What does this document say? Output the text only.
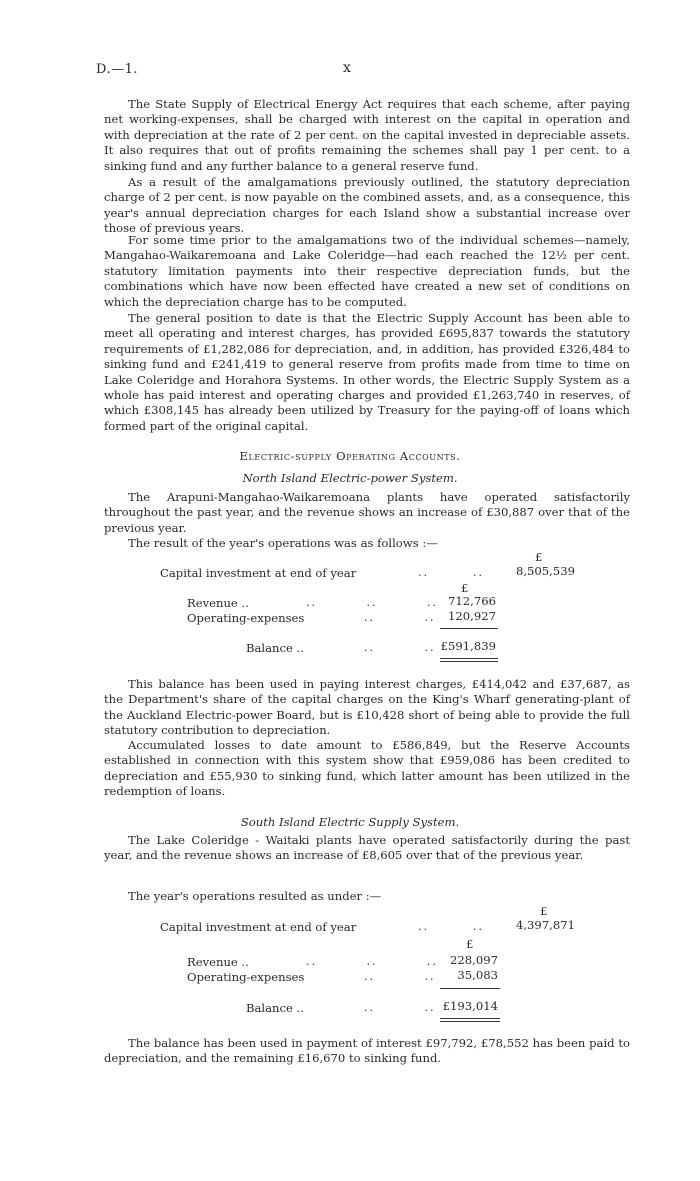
D.—1.	x

The State Supply of Electrical Energy Act requires that each scheme, after paying net working-expenses, shall be charged with interest on the capital in operation and with depreciation at the rate of 2 per cent. on the capital invested in depreciable assets. It also requires that out of profits remaining the schemes shall pay 1 per cent. to a sinking fund and any further balance to a general reserve fund.

As a result of the amalgamations previously outlined, the statutory depreciation charge of 2 per cent. is now payable on the combined assets, and, as a consequence, this year's annual depreciation charges for each Island show a substantial increase over those of previous years.

For some time prior to the amalgamations two of the individual schemes—namely, Mangahao-Waikaremoana and Lake Coleridge—had each reached the 12½ per cent. statutory limitation payments into their respective depreciation funds, but the combinations which have now been effected have created a new set of conditions on which the depreciation charge has to be computed.

The general position to date is that the Electric Supply Account has been able to meet all operating and interest charges, has provided £695,837 towards the statutory requirements of £1,282,086 for depreciation, and, in addition, has provided £326,484 to sinking fund and £241,419 to general reserve from profits made from time to time on Lake Coleridge and Horahora Systems. In other words, the Electric Supply System as a whole has paid interest and operating charges and provided £1,263,740 in reserves, of which £308,145 has already been utilized by Treasury for the paying-off of loans which formed part of the original capital.

Electric-supply Operating Accounts.

North Island Electric-power System.

The Arapuni-Mangahao-Waikaremoana plants have operated satisfactorily throughout the past year, and the revenue shows an increase of £30,887 over that of the previous year.

The result of the year's operations was as follows :—

£
Capital investment at end of year	..        ..	8,505,539
£
Revenue ..	..         ..         .. 712,766
Operating-expenses	..         ..	120,927
Balance ..	..         .. £591,839

This balance has been used in paying interest charges, £414,042 and £37,687, as the Department's share of the capital charges on the King's Wharf generating-plant of the Auckland Electric-power Board, but is £10,428 short of being able to provide the full statutory contribution to depreciation.

Accumulated losses to date amount to £586,849, but the Reserve Accounts established in connection with this system show that £959,086 has been credited to depreciation and £55,930 to sinking fund, which latter amount has been utilized in the redemption of loans.

South Island Electric Supply System.

The Lake Coleridge - Waitaki plants have operated satisfactorily during the past year, and the revenue shows an increase of £8,605 over that of the previous year.

The year's operations resulted as under :—

£
Capital investment at end of year	..        ..	4,397,871
£
Revenue ..	..         ..         ..	228,097
Operating-expenses	..         ..	35,083
Balance ..	..         .. £193,014

The balance has been used in payment of interest £97,792, £78,552 has been paid to depreciation, and the remaining £16,670 to sinking fund.
